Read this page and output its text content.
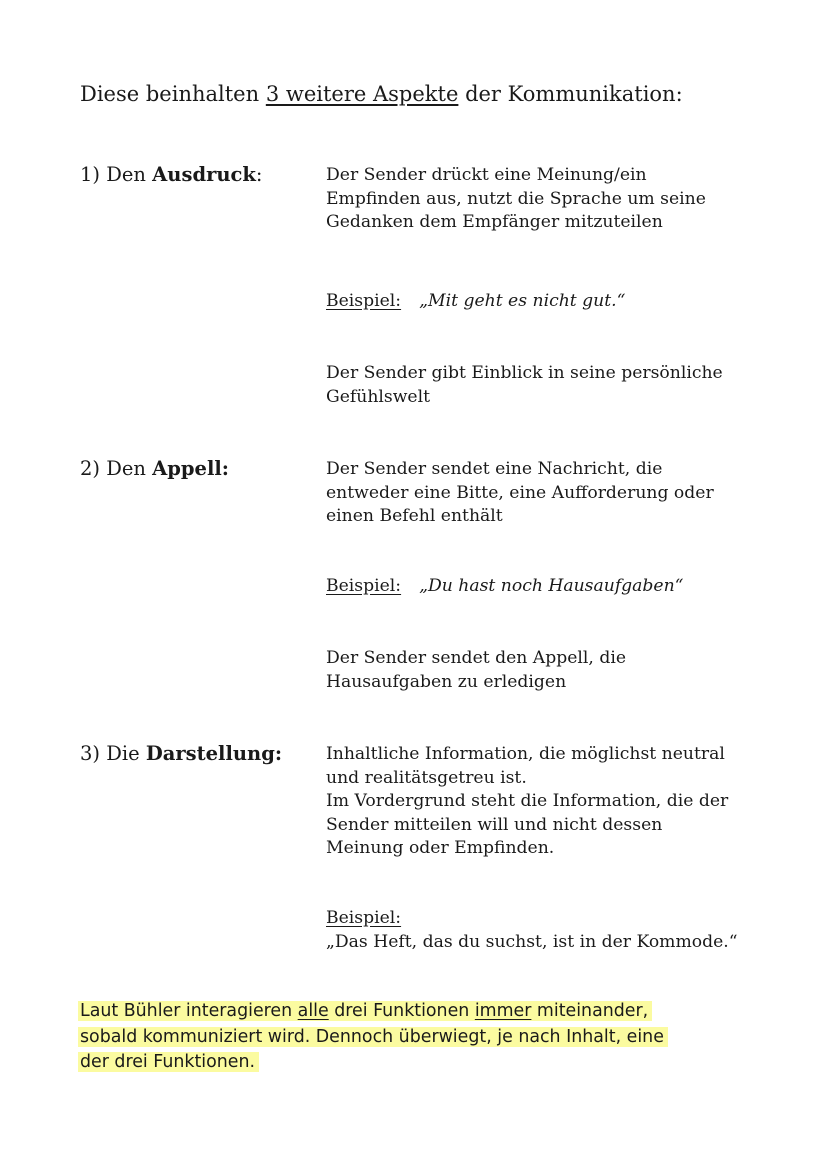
Diese beinhalten 3 weitere Aspekte der Kommunikation:
1) Den Ausdruck:	Der Sender drückt eine Meinung/ein

Empfinden aus, nutzt die Sprache um seine

Gedanken dem Empfänger mitzuteilen

Beispiel: „Mit geht es nicht gut.“

Der Sender gibt Einblick in seine persönliche

Gefühlswelt

2) Den Appell:	Der Sender sendet eine Nachricht, die

entweder eine Bitte, eine Aufforderung oder

einen Befehl enthält

Beispiel: „Du hast noch Hausaufgaben“

Der Sender sendet den Appell, die

Hausaufgaben zu erledigen

3) Die Darstellung:	Inhaltliche Information, die möglichst neutral

und realitätsgetreu ist.

Im Vordergrund steht die Information, die der

Sender mitteilen will und nicht dessen

Meinung oder Empfinden.

Beispiel:

„Das Heft, das du suchst, ist in der Kommode.“

Laut Bühler interagieren alle drei Funktionen immer miteinander,
sobald kommuniziert wird. Dennoch überwiegt, je nach Inhalt, eine
der drei Funktionen.
